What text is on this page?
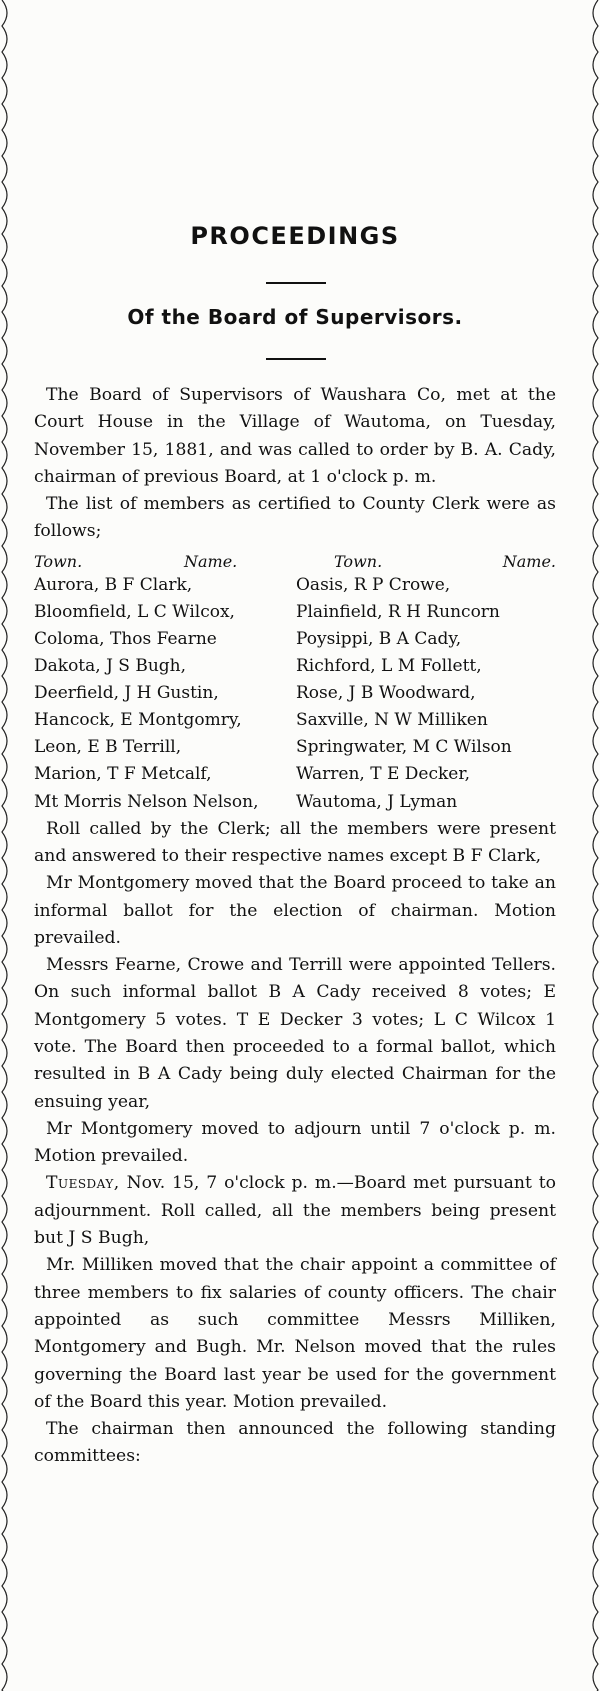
PROCEEDINGS
Of the Board of Supervisors.

The Board of Supervisors of Waushara Co, met at the Court House in the Village of Wautoma, on Tuesday, November 15, 1881, and was called to order by B. A. Cady, chairman of previous Board, at 1 o'clock p. m.

The list of members as certified to County Clerk were as follows;

Town.	Name.	Town.	Name.
Aurora, B F Clark,	Oasis, R P Crowe,
Bloomfield, L C Wilcox,	Plainfield, R H Runcorn
Coloma, Thos Fearne	Poysippi, B A Cady,
Dakota, J S Bugh,	Richford, L M Follett,
Deerfield, J H Gustin,	Rose, J B Woodward,
Hancock, E Montgomry,	Saxville, N W Milliken
Leon, E B Terrill,	Springwater, M C Wilson
Marion, T F Metcalf,	Warren, T E Decker,
Mt Morris Nelson Nelson,	Wautoma, J Lyman

Roll called by the Clerk; all the members were present and answered to their respective names except B F Clark,

Mr Montgomery moved that the Board proceed to take an informal ballot for the election of chairman. Motion prevailed.

Messrs Fearne, Crowe and Terrill were appointed Tellers. On such informal ballot B A Cady received 8 votes; E Montgomery 5 votes. T E Decker 3 votes; L C Wilcox 1 vote. The Board then proceeded to a formal ballot, which resulted in B A Cady being duly elected Chairman for the ensuing year,

Mr Montgomery moved to adjourn until 7 o'clock p. m. Motion prevailed.

Tuesday, Nov. 15, 7 o'clock p. m.—Board met pursuant to adjournment. Roll called, all the members being present but J S Bugh,

Mr. Milliken moved that the chair appoint a committee of three members to fix salaries of county officers. The chair appointed as such committee Messrs Milliken, Montgomery and Bugh. Mr. Nelson moved that the rules governing the Board last year be used for the government of the Board this year. Motion prevailed.

The chairman then announced the following standing committees:
